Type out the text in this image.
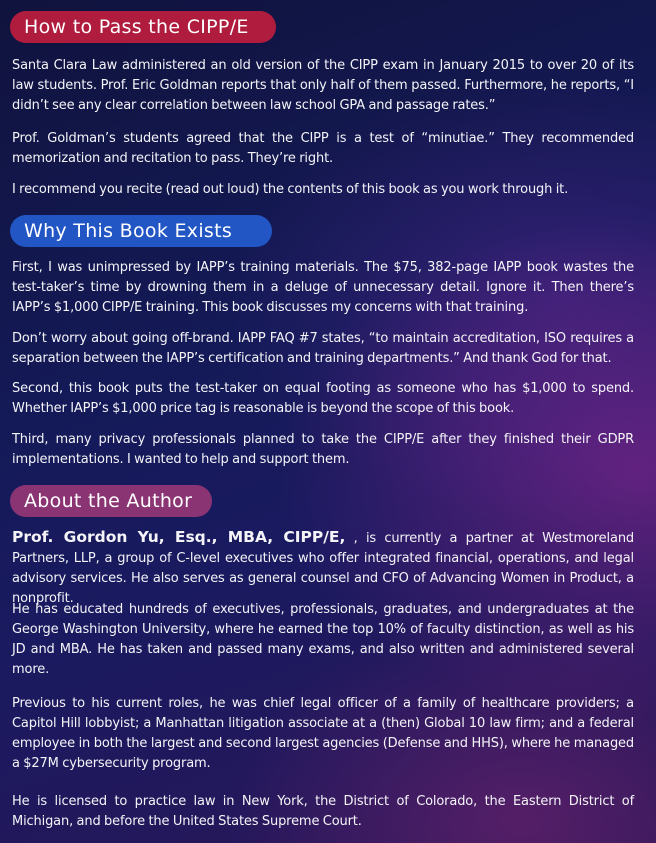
How to Pass the CIPP/E

Santa Clara Law administered an old version of the CIPP exam in January 2015 to over 20 of its law students. Prof. Eric Goldman reports that only half of them passed. Furthermore, he reports, “I didn’t see any clear correlation between law school GPA and passage rates.”

Prof. Goldman’s students agreed that the CIPP is a test of “minutiae.” They recommended memorization and recitation to pass. They’re right.

I recommend you recite (read out loud) the contents of this book as you work through it.

Why This Book Exists

First, I was unimpressed by IAPP’s training materials. The $75, 382-page IAPP book wastes the test-taker’s time by drowning them in a deluge of unnecessary detail. Ignore it. Then there’s IAPP’s $1,000 CIPP/E training. This book discusses my concerns with that training.

Don’t worry about going off-brand. IAPP FAQ #7 states, “to maintain accreditation, ISO requires a separation between the IAPP’s certification and training departments.” And thank God for that.

Second, this book puts the test-taker on equal footing as someone who has $1,000 to spend. Whether IAPP’s $1,000 price tag is reasonable is beyond the scope of this book.

Third, many privacy professionals planned to take the CIPP/E after they finished their GDPR implementations. I wanted to help and support them.

About the Author

Prof. Gordon Yu, Esq., MBA, CIPP/E, , is currently a partner at Westmoreland Partners, LLP, a group of C-level executives who offer integrated financial, operations, and legal advisory services. He also serves as general counsel and CFO of Advancing Women in Product, a nonprofit.

He has educated hundreds of executives, professionals, graduates, and undergraduates at the George Washington University, where he earned the top 10% of faculty distinction, as well as his JD and MBA. He has taken and passed many exams, and also written and administered several more.

Previous to his current roles, he was chief legal officer of a family of healthcare providers; a Capitol Hill lobbyist; a Manhattan litigation associate at a (then) Global 10 law firm; and a federal employee in both the largest and second largest agencies (Defense and HHS), where he managed a $27M cybersecurity program.

He is licensed to practice law in New York, the District of Colorado, the Eastern District of Michigan, and before the United States Supreme Court.
